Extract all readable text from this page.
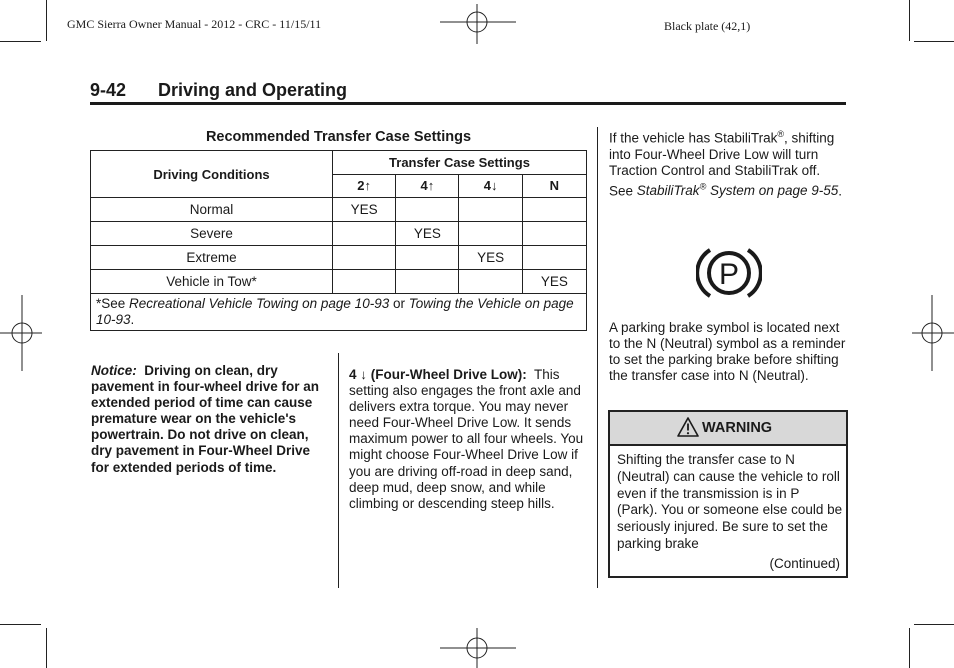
GMC Sierra Owner Manual - 2012 - CRC - 11/15/11	Black plate (42,1)
9-42 Driving and Operating
Recommended Transfer Case Settings
Driving Conditions	Transfer Case Settings			
	2↑	4↑	4↓	N
Normal	YES			
Severe		YES		
Extreme			YES	
Vehicle in Tow*				YES
*See Recreational Vehicle Towing on page 10-93 or Towing the Vehicle on page 10-93.				
Notice: Driving on clean, dry pavement in four-wheel drive for an extended period of time can cause premature wear on the vehicle's powertrain. Do not drive on clean, dry pavement in Four-Wheel Drive for extended periods of time.
4 ↓ (Four-Wheel Drive Low): This setting also engages the front axle and delivers extra torque. You may never need Four-Wheel Drive Low. It sends maximum power to all four wheels. You might choose Four-Wheel Drive Low if you are driving off-road in deep sand, deep mud, deep snow, and while climbing or descending steep hills.
If the vehicle has StabiliTrak®, shifting into Four-Wheel Drive Low will turn Traction Control and StabiliTrak off. See StabiliTrak® System on page 9-55.
P
A parking brake symbol is located next to the N (Neutral) symbol as a reminder to set the parking brake before shifting the transfer case into N (Neutral).
WARNING
Shifting the transfer case to N (Neutral) can cause the vehicle to roll even if the transmission is in P (Park). You or someone else could be seriously injured. Be sure to set the parking brake
(Continued)
